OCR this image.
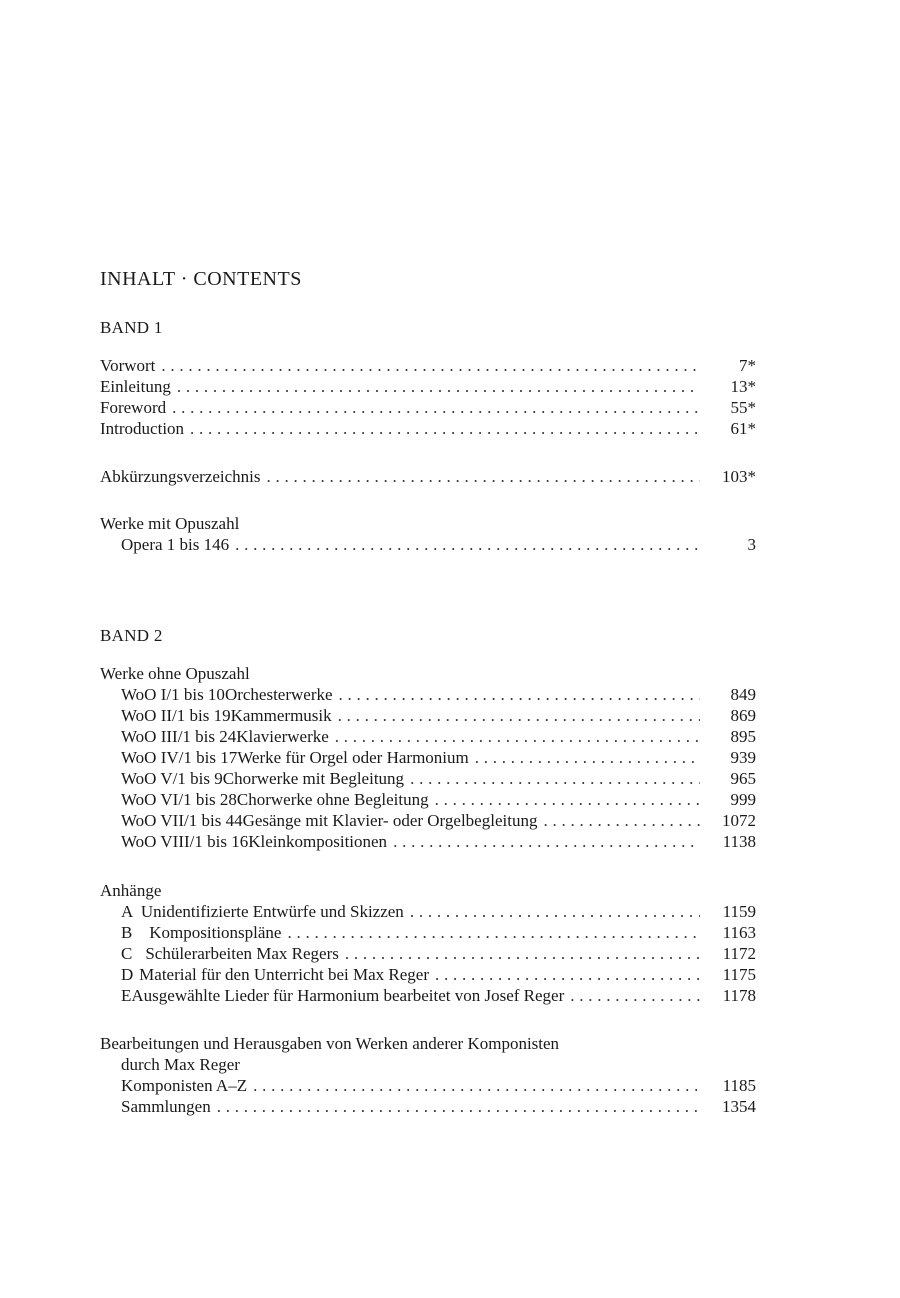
INHALT · CONTENTS
BAND 1
Vorwort . . .	7*
Einleitung . . .	13*
Foreword . . .	55*
Introduction . . .	61*
Abkürzungsverzeichnis . . .	103*
Werke mit Opuszahl
Opera 1 bis 146 . . .	3
BAND 2
Werke ohne Opuszahl
WoO I/1 bis 10 Orchesterwerke . . .	849
WoO II/1 bis 19 Kammermusik . . .	869
WoO III/1 bis 24 Klavierwerke . . .	895
WoO IV/1 bis 17 Werke für Orgel oder Harmonium . . .	939
WoO V/1 bis 9 Chorwerke mit Begleitung . . .	965
WoO VI/1 bis 28 Chorwerke ohne Begleitung . . .	999
WoO VII/1 bis 44 Gesänge mit Klavier- oder Orgelbegleitung . . .	1072
WoO VIII/1 bis 16 Kleinkompositionen . . .	1138
Anhänge
A Unidentifizierte Entwürfe und Skizzen . . .	1159
B Kompositionspläne . . .	1163
C Schülerarbeiten Max Regers . . .	1172
D Material für den Unterricht bei Max Reger . . .	1175
E Ausgewählte Lieder für Harmonium bearbeitet von Josef Reger . . .	1178
Bearbeitungen und Herausgaben von Werken anderer Komponisten
durch Max Reger
Komponisten A–Z . . .	1185
Sammlungen . . .	1354
